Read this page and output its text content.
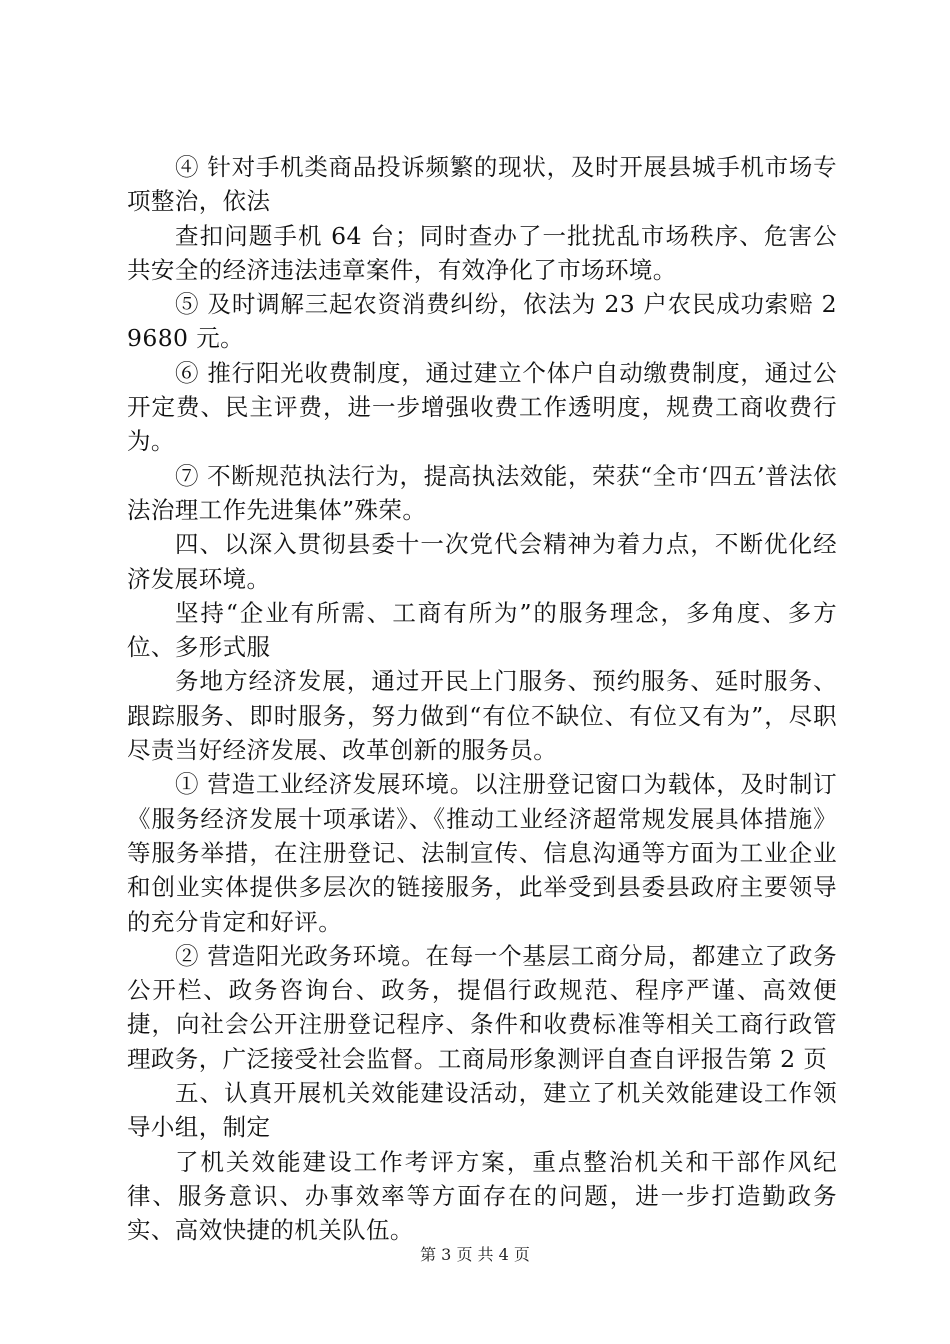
④ 针对手机类商品投诉频繁的现状，及时开展县城手机市场专项整治，依法

查扣问题手机 64 台；同时查办了一批扰乱市场秩序、危害公共安全的经济违法违章案件，有效净化了市场环境。

⑤ 及时调解三起农资消费纠纷，依法为 23 户农民成功索赔 29680 元。

⑥ 推行阳光收费制度，通过建立个体户自动缴费制度，通过公开定费、民主评费，进一步增强收费工作透明度，规费工商收费行为。

⑦ 不断规范执法行为，提高执法效能，荣获“全市‘四五’普法依法治理工作先进集体”殊荣。

四、以深入贯彻县委十一次党代会精神为着力点，不断优化经济发展环境。

坚持“企业有所需、工商有所为”的服务理念，多角度、多方位、多形式服

务地方经济发展，通过开民上门服务、预约服务、延时服务、跟踪服务、即时服务，努力做到“有位不缺位、有位又有为”，尽职尽责当好经济发展、改革创新的服务员。

① 营造工业经济发展环境。以注册登记窗口为载体，及时制订《服务经济发展十项承诺》、《推动工业经济超常规发展具体措施》等服务举措，在注册登记、法制宣传、信息沟通等方面为工业企业和创业实体提供多层次的链接服务，此举受到县委县政府主要领导的充分肯定和好评。

② 营造阳光政务环境。在每一个基层工商分局，都建立了政务公开栏、政务咨询台、政务，提倡行政规范、程序严谨、高效便捷，向社会公开注册登记程序、条件和收费标准等相关工商行政管理政务，广泛接受社会监督。工商局形象测评自查自评报告第 2 页

五、认真开展机关效能建设活动，建立了机关效能建设工作领导小组，制定

了机关效能建设工作考评方案，重点整治机关和干部作风纪律、服务意识、办事效率等方面存在的问题，进一步打造勤政务实、高效快捷的机关队伍。

第 3 页 共 4 页
